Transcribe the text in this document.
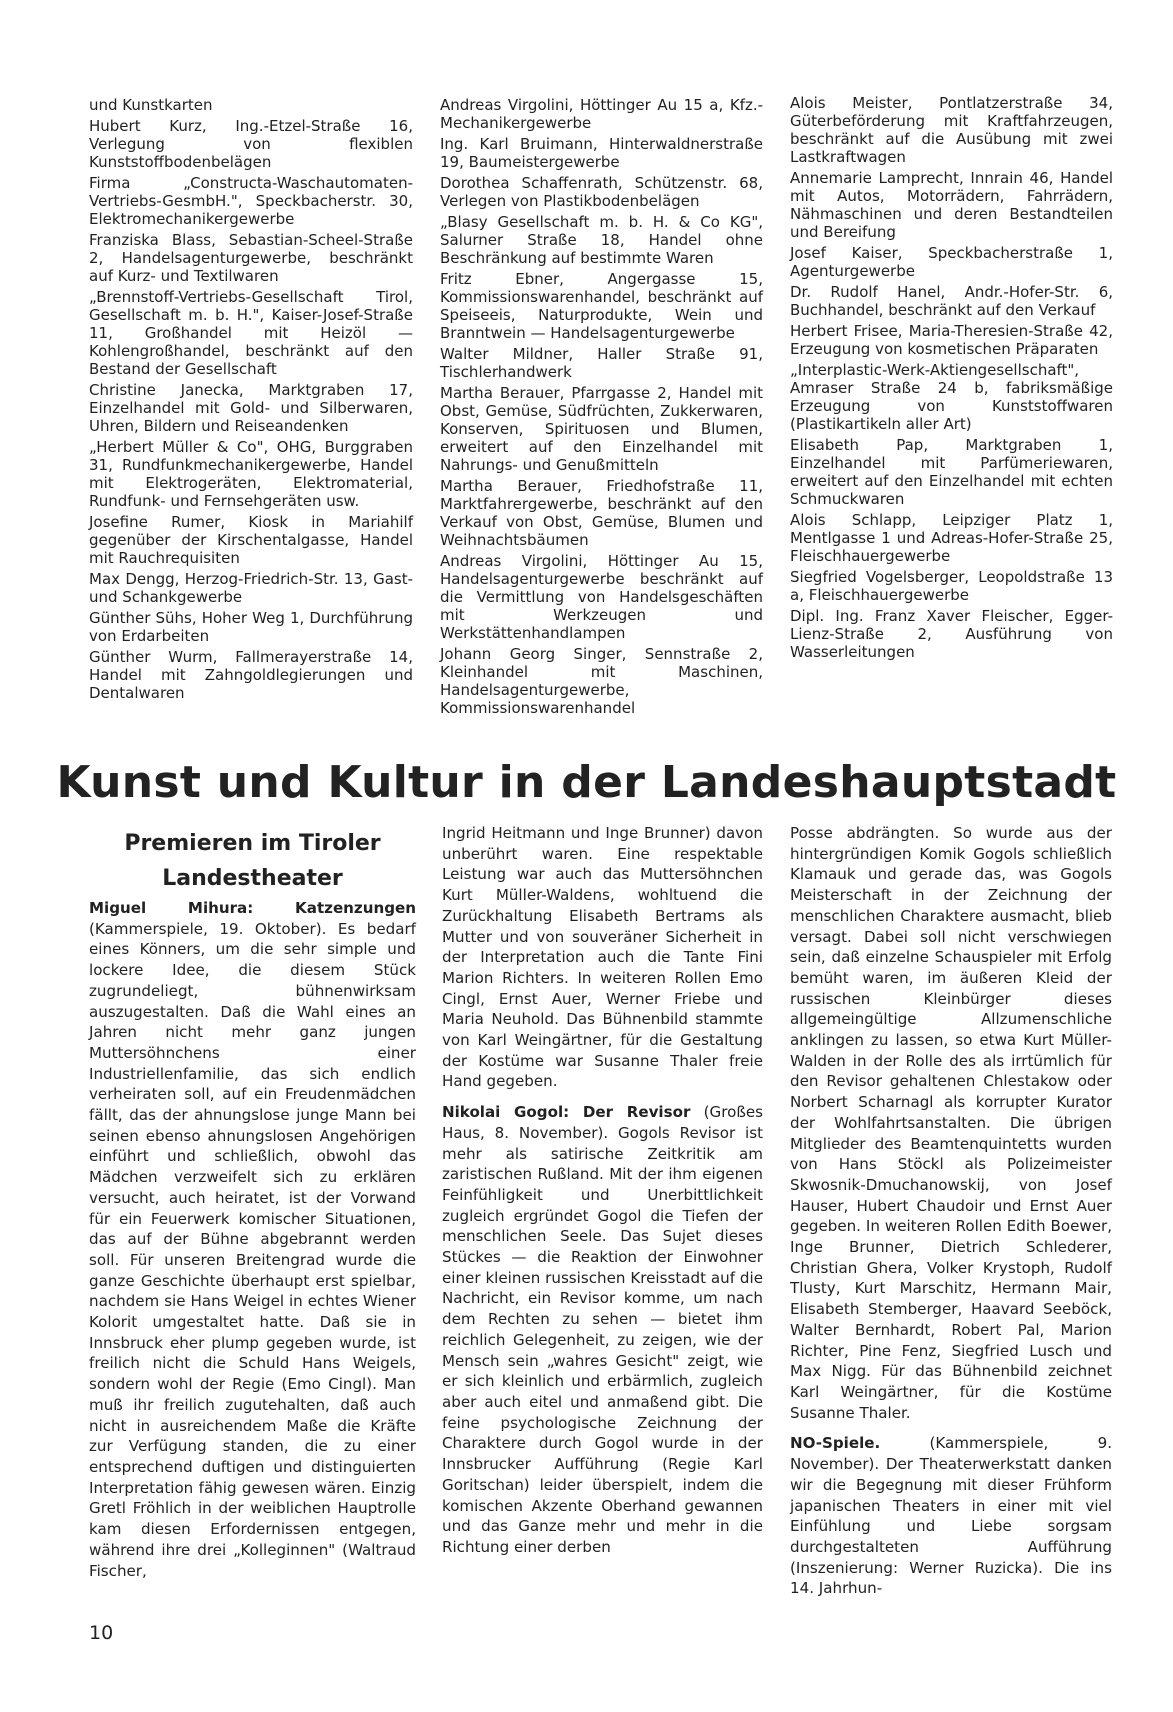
und Kunstkarten

Hubert Kurz, Ing.-Etzel-Straße 16, Verlegung von flexiblen Kunststoffbodenbelägen

Firma „Constructa-Waschautomaten-Vertriebs-GesmbH.", Speckbacherstr. 30, Elektromechanikergewerbe

Franziska Blass, Sebastian-Scheel-Straße 2, Handelsagenturgewerbe, beschränkt auf Kurz- und Textilwaren

„Brennstoff-Vertriebs-Gesellschaft Tirol, Gesellschaft m. b. H.", Kaiser-Josef-Straße 11, Großhandel mit Heizöl — Kohlengroßhandel, beschränkt auf den Bestand der Gesellschaft

Christine Janecka, Marktgraben 17, Einzelhandel mit Gold- und Silberwaren, Uhren, Bildern und Reiseandenken

„Herbert Müller & Co", OHG, Burggraben 31, Rundfunkmechanikergewerbe, Handel mit Elektrogeräten, Elektromaterial, Rundfunk- und Fernsehgeräten usw.

Josefine Rumer, Kiosk in Mariahilf gegenüber der Kirschentalgasse, Handel mit Rauchrequisiten

Max Dengg, Herzog-Friedrich-Str. 13, Gast- und Schankgewerbe

Günther Sühs, Hoher Weg 1, Durchführung von Erdarbeiten

Günther Wurm, Fallmerayerstraße 14, Handel mit Zahngoldlegierungen und Dentalwaren

Andreas Virgolini, Höttinger Au 15 a, Kfz.-Mechanikergewerbe

Ing. Karl Bruimann, Hinterwaldnerstraße 19, Baumeistergewerbe

Dorothea Schaffenrath, Schützenstr. 68, Verlegen von Plastikbodenbelägen

„Blasy Gesellschaft m. b. H. & Co KG", Salurner Straße 18, Handel ohne Beschränkung auf bestimmte Waren

Fritz Ebner, Angergasse 15, Kommissionswarenhandel, beschränkt auf Speiseeis, Naturprodukte, Wein und Branntwein — Handelsagenturgewerbe

Walter Mildner, Haller Straße 91, Tischlerhandwerk

Martha Berauer, Pfarrgasse 2, Handel mit Obst, Gemüse, Südfrüchten, Zukkerwaren, Konserven, Spirituosen und Blumen, erweitert auf den Einzelhandel mit Nahrungs- und Genußmitteln

Martha Berauer, Friedhofstraße 11, Marktfahrergewerbe, beschränkt auf den Verkauf von Obst, Gemüse, Blumen und Weihnachtsbäumen

Andreas Virgolini, Höttinger Au 15, Handelsagenturgewerbe beschränkt auf die Vermittlung von Handelsgeschäften mit Werkzeugen und Werkstättenhandlampen

Johann Georg Singer, Sennstraße 2, Kleinhandel mit Maschinen, Handelsagenturgewerbe, Kommissionswarenhandel

Alois Meister, Pontlatzerstraße 34, Güterbeförderung mit Kraftfahrzeugen, beschränkt auf die Ausübung mit zwei Lastkraftwagen

Annemarie Lamprecht, Innrain 46, Handel mit Autos, Motorrädern, Fahrrädern, Nähmaschinen und deren Bestandteilen und Bereifung

Josef Kaiser, Speckbacherstraße 1, Agenturgewerbe

Dr. Rudolf Hanel, Andr.-Hofer-Str. 6, Buchhandel, beschränkt auf den Verkauf

Herbert Frisee, Maria-Theresien-Straße 42, Erzeugung von kosmetischen Präparaten

„Interplastic-Werk-Aktiengesellschaft", Amraser Straße 24 b, fabriksmäßige Erzeugung von Kunststoffwaren (Plastikartikeln aller Art)

Elisabeth Pap, Marktgraben 1, Einzelhandel mit Parfümeriewaren, erweitert auf den Einzelhandel mit echten Schmuckwaren

Alois Schlapp, Leipziger Platz 1, Mentlgasse 1 und Adreas-Hofer-Straße 25, Fleischhauergewerbe

Siegfried Vogelsberger, Leopoldstraße 13 a, Fleischhauergewerbe

Dipl. Ing. Franz Xaver Fleischer, Egger-Lienz-Straße 2, Ausführung von Wasserleitungen

Kunst und Kultur in der Landeshauptstadt
Premieren im Tiroler
Landestheater

Miguel Mihura: Katzenzungen (Kammerspiele, 19. Oktober). Es bedarf eines Könners, um die sehr simple und lockere Idee, die diesem Stück zugrundeliegt, bühnenwirksam auszugestalten. Daß die Wahl eines an Jahren nicht mehr ganz jungen Muttersöhnchens einer Industriellenfamilie, das sich endlich verheiraten soll, auf ein Freudenmädchen fällt, das der ahnungslose junge Mann bei seinen ebenso ahnungslosen Angehörigen einführt und schließlich, obwohl das Mädchen verzweifelt sich zu erklären versucht, auch heiratet, ist der Vorwand für ein Feuerwerk komischer Situationen, das auf der Bühne abgebrannt werden soll. Für unseren Breitengrad wurde die ganze Geschichte überhaupt erst spielbar, nachdem sie Hans Weigel in echtes Wiener Kolorit umgestaltet hatte. Daß sie in Innsbruck eher plump gegeben wurde, ist freilich nicht die Schuld Hans Weigels, sondern wohl der Regie (Emo Cingl). Man muß ihr freilich zugutehalten, daß auch nicht in ausreichendem Maße die Kräfte zur Verfügung standen, die zu einer entsprechend duftigen und distinguierten Interpretation fähig gewesen wären. Einzig Gretl Fröhlich in der weiblichen Hauptrolle kam diesen Erfordernissen entgegen, während ihre drei „Kolleginnen" (Waltraud Fischer,

Ingrid Heitmann und Inge Brunner) davon unberührt waren. Eine respektable Leistung war auch das Muttersöhnchen Kurt Müller-Waldens, wohltuend die Zurückhaltung Elisabeth Bertrams als Mutter und von souveräner Sicherheit in der Interpretation auch die Tante Fini Marion Richters. In weiteren Rollen Emo Cingl, Ernst Auer, Werner Friebe und Maria Neuhold. Das Bühnenbild stammte von Karl Weingärtner, für die Gestaltung der Kostüme war Susanne Thaler freie Hand gegeben.

Nikolai Gogol: Der Revisor (Großes Haus, 8. November). Gogols Revisor ist mehr als satirische Zeitkritik am zaristischen Rußland. Mit der ihm eigenen Feinfühligkeit und Unerbittlichkeit zugleich ergründet Gogol die Tiefen der menschlichen Seele. Das Sujet dieses Stückes — die Reaktion der Einwohner einer kleinen russischen Kreisstadt auf die Nachricht, ein Revisor komme, um nach dem Rechten zu sehen — bietet ihm reichlich Gelegenheit, zu zeigen, wie der Mensch sein „wahres Gesicht" zeigt, wie er sich kleinlich und erbärmlich, zugleich aber auch eitel und anmaßend gibt. Die feine psychologische Zeichnung der Charaktere durch Gogol wurde in der Innsbrucker Aufführung (Regie Karl Goritschan) leider überspielt, indem die komischen Akzente Oberhand gewannen und das Ganze mehr und mehr in die Richtung einer derben

Posse abdrängten. So wurde aus der hintergründigen Komik Gogols schließlich Klamauk und gerade das, was Gogols Meisterschaft in der Zeichnung der menschlichen Charaktere ausmacht, blieb versagt. Dabei soll nicht verschwiegen sein, daß einzelne Schauspieler mit Erfolg bemüht waren, im äußeren Kleid der russischen Kleinbürger dieses allgemeingültige Allzumenschliche anklingen zu lassen, so etwa Kurt Müller-Walden in der Rolle des als irrtümlich für den Revisor gehaltenen Chlestakow oder Norbert Scharnagl als korrupter Kurator der Wohlfahrtsanstalten. Die übrigen Mitglieder des Beamtenquintetts wurden von Hans Stöckl als Polizeimeister Skwosnik-Dmuchanowskij, von Josef Hauser, Hubert Chaudoir und Ernst Auer gegeben. In weiteren Rollen Edith Boewer, Inge Brunner, Dietrich Schlederer, Christian Ghera, Volker Krystoph, Rudolf Tlusty, Kurt Marschitz, Hermann Mair, Elisabeth Stemberger, Haavard Seeböck, Walter Bernhardt, Robert Pal, Marion Richter, Pine Fenz, Siegfried Lusch und Max Nigg. Für das Bühnenbild zeichnet Karl Weingärtner, für die Kostüme Susanne Thaler.

NO-Spiele. (Kammerspiele, 9. November). Der Theaterwerkstatt danken wir die Begegnung mit dieser Frühform japanischen Theaters in einer mit viel Einfühlung und Liebe sorgsam durchgestalteten Aufführung (Inszenierung: Werner Ruzicka). Die ins 14. Jahrhun-

10
